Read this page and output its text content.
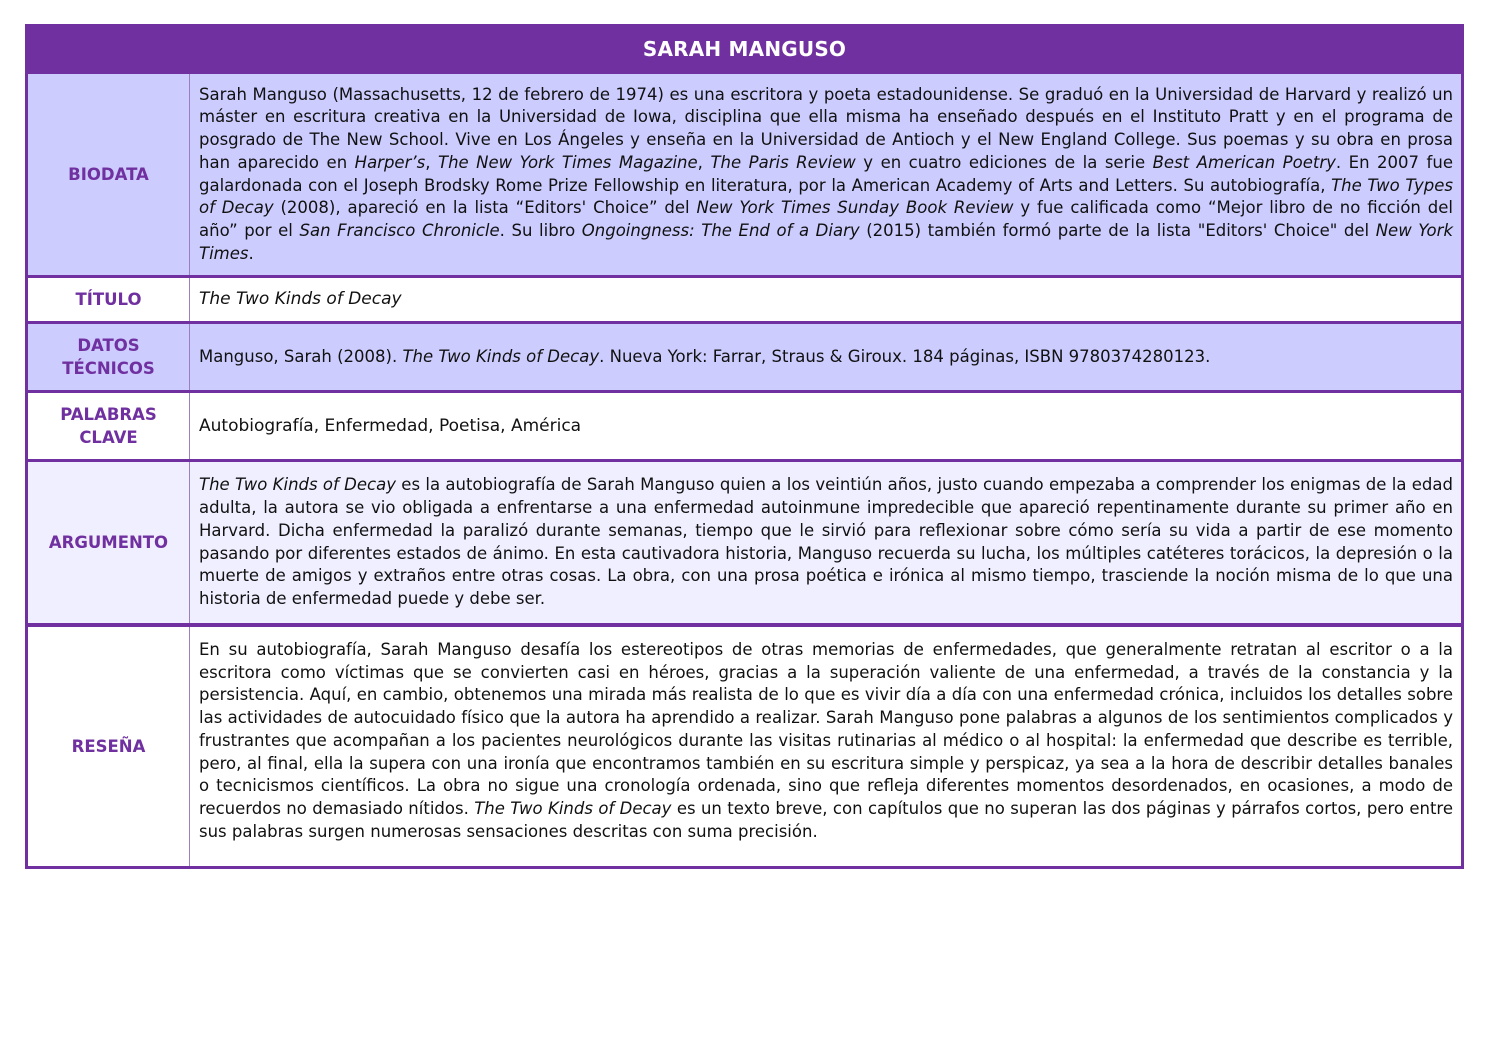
SARAH MANGUSO
BIODATA

Sarah Manguso (Massachusetts, 12 de febrero de 1974) es una escritora y poeta estadounidense. Se graduó en la Universidad de Harvard y realizó un máster en escritura creativa en la Universidad de Iowa, disciplina que ella misma ha enseñado después en el Instituto Pratt y en el programa de posgrado de The New School. Vive en Los Ángeles y enseña en la Universidad de Antioch y el New England College. Sus poemas y su obra en prosa han aparecido en Harper’s, The New York Times Magazine, The Paris Review y en cuatro ediciones de la serie Best American Poetry. En 2007 fue galardonada con el Joseph Brodsky Rome Prize Fellowship en literatura, por la American Academy of Arts and Letters. Su autobiografía, The Two Types of Decay (2008), apareció en la lista “Editors' Choice” del New York Times Sunday Book Review y fue calificada como “Mejor libro de no ficción del año” por el San Francisco Chronicle. Su libro Ongoingness: The End of a Diary (2015) también formó parte de la lista "Editors' Choice" del New York Times.

TÍTULO	The Two Kinds of Decay

DATOS
TÉCNICOS

Manguso, Sarah (2008). The Two Kinds of Decay. Nueva York: Farrar, Straus & Giroux. 184 páginas, ISBN 9780374280123.

PALABRAS
CLAVE

Autobiografía, Enfermedad, Poetisa, América

ARGUMENTO

The Two Kinds of Decay es la autobiografía de Sarah Manguso quien a los veintiún años, justo cuando empezaba a comprender los enigmas de la edad adulta, la autora se vio obligada a enfrentarse a una enfermedad autoinmune impredecible que apareció repentinamente durante su primer año en Harvard. Dicha enfermedad la paralizó durante semanas, tiempo que le sirvió para reflexionar sobre cómo sería su vida a partir de ese momento pasando por diferentes estados de ánimo. En esta cautivadora historia, Manguso recuerda su lucha, los múltiples catéteres torácicos, la depresión o la muerte de amigos y extraños entre otras cosas. La obra, con una prosa poética e irónica al mismo tiempo, trasciende la noción misma de lo que una historia de enfermedad puede y debe ser.

RESEÑA

En su autobiografía, Sarah Manguso desafía los estereotipos de otras memorias de enfermedades, que generalmente retratan al escritor o a la escritora como víctimas que se convierten casi en héroes, gracias a la superación valiente de una enfermedad, a través de la constancia y la persistencia. Aquí, en cambio, obtenemos una mirada más realista de lo que es vivir día a día con una enfermedad crónica, incluidos los detalles sobre las actividades de autocuidado físico que la autora ha aprendido a realizar. Sarah Manguso pone palabras a algunos de los sentimientos complicados y frustrantes que acompañan a los pacientes neurológicos durante las visitas rutinarias al médico o al hospital: la enfermedad que describe es terrible, pero, al final, ella la supera con una ironía que encontramos también en su escritura simple y perspicaz, ya sea a la hora de describir detalles banales o tecnicismos científicos. La obra no sigue una cronología ordenada, sino que refleja diferentes momentos desordenados, en ocasiones, a modo de recuerdos no demasiado nítidos. The Two Kinds of Decay es un texto breve, con capítulos que no superan las dos páginas y párrafos cortos, pero entre sus palabras surgen numerosas sensaciones descritas con suma precisión.
